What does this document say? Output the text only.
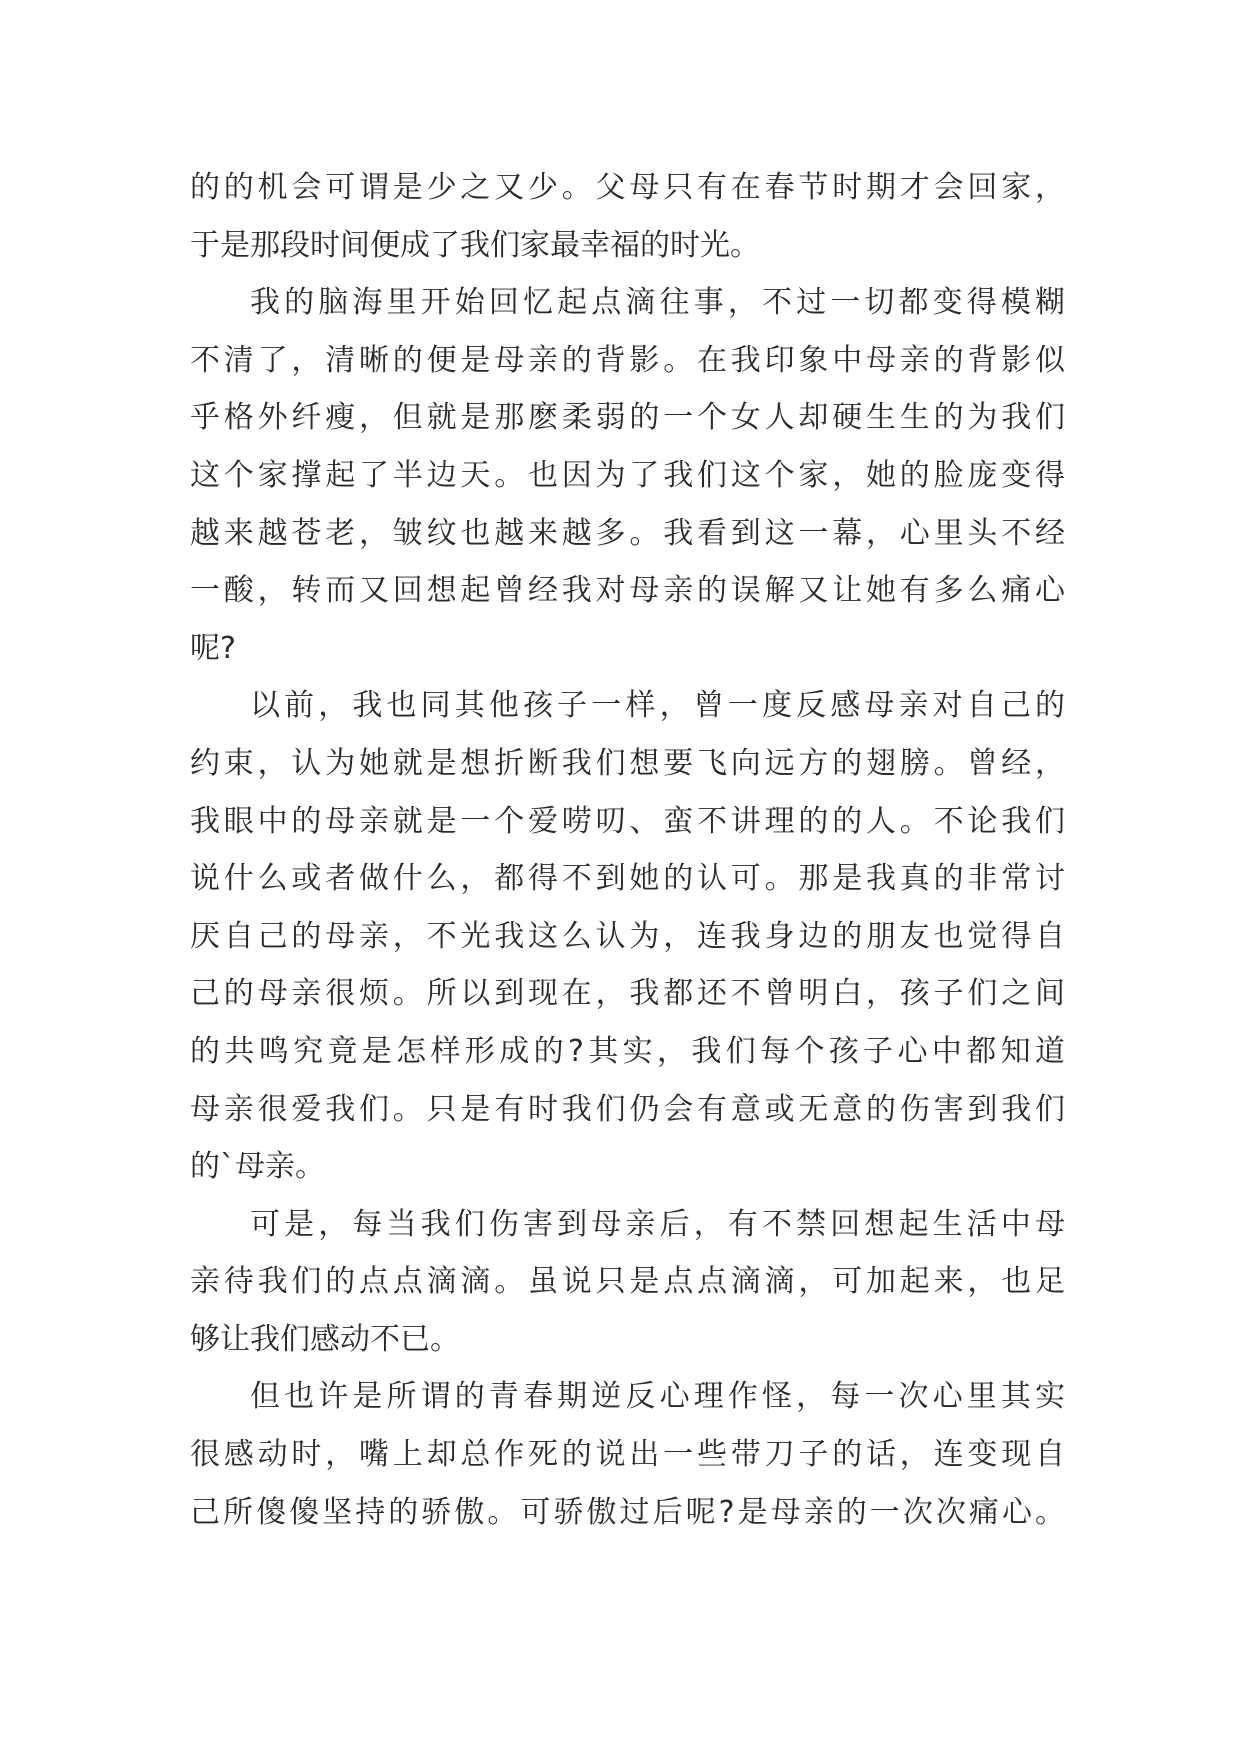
的的机会可谓是少之又少。父母只有在春节时期才会回家，
于是那段时间便成了我们家最幸福的时光。
我的脑海里开始回忆起点滴往事，不过一切都变得模糊
不清了，清晰的便是母亲的背影。在我印象中母亲的背影似
乎格外纤瘦，但就是那麽柔弱的一个女人却硬生生的为我们
这个家撑起了半边天。也因为了我们这个家，她的脸庞变得
越来越苍老，皱纹也越来越多。我看到这一幕，心里头不经
一酸，转而又回想起曾经我对母亲的误解又让她有多么痛心
呢?
以前，我也同其他孩子一样，曾一度反感母亲对自己的
约束，认为她就是想折断我们想要飞向远方的翅膀。曾经，
我眼中的母亲就是一个爱唠叨、蛮不讲理的的人。不论我们
说什么或者做什么，都得不到她的认可。那是我真的非常讨
厌自己的母亲，不光我这么认为，连我身边的朋友也觉得自
己的母亲很烦。所以到现在，我都还不曾明白，孩子们之间
的共鸣究竟是怎样形成的?其实，我们每个孩子心中都知道
母亲很爱我们。只是有时我们仍会有意或无意的伤害到我们
的`母亲。
可是，每当我们伤害到母亲后，有不禁回想起生活中母
亲待我们的点点滴滴。虽说只是点点滴滴，可加起来，也足
够让我们感动不已。
但也许是所谓的青春期逆反心理作怪，每一次心里其实
很感动时，嘴上却总作死的说出一些带刀子的话，连变现自
己所傻傻坚持的骄傲。可骄傲过后呢?是母亲的一次次痛心。
